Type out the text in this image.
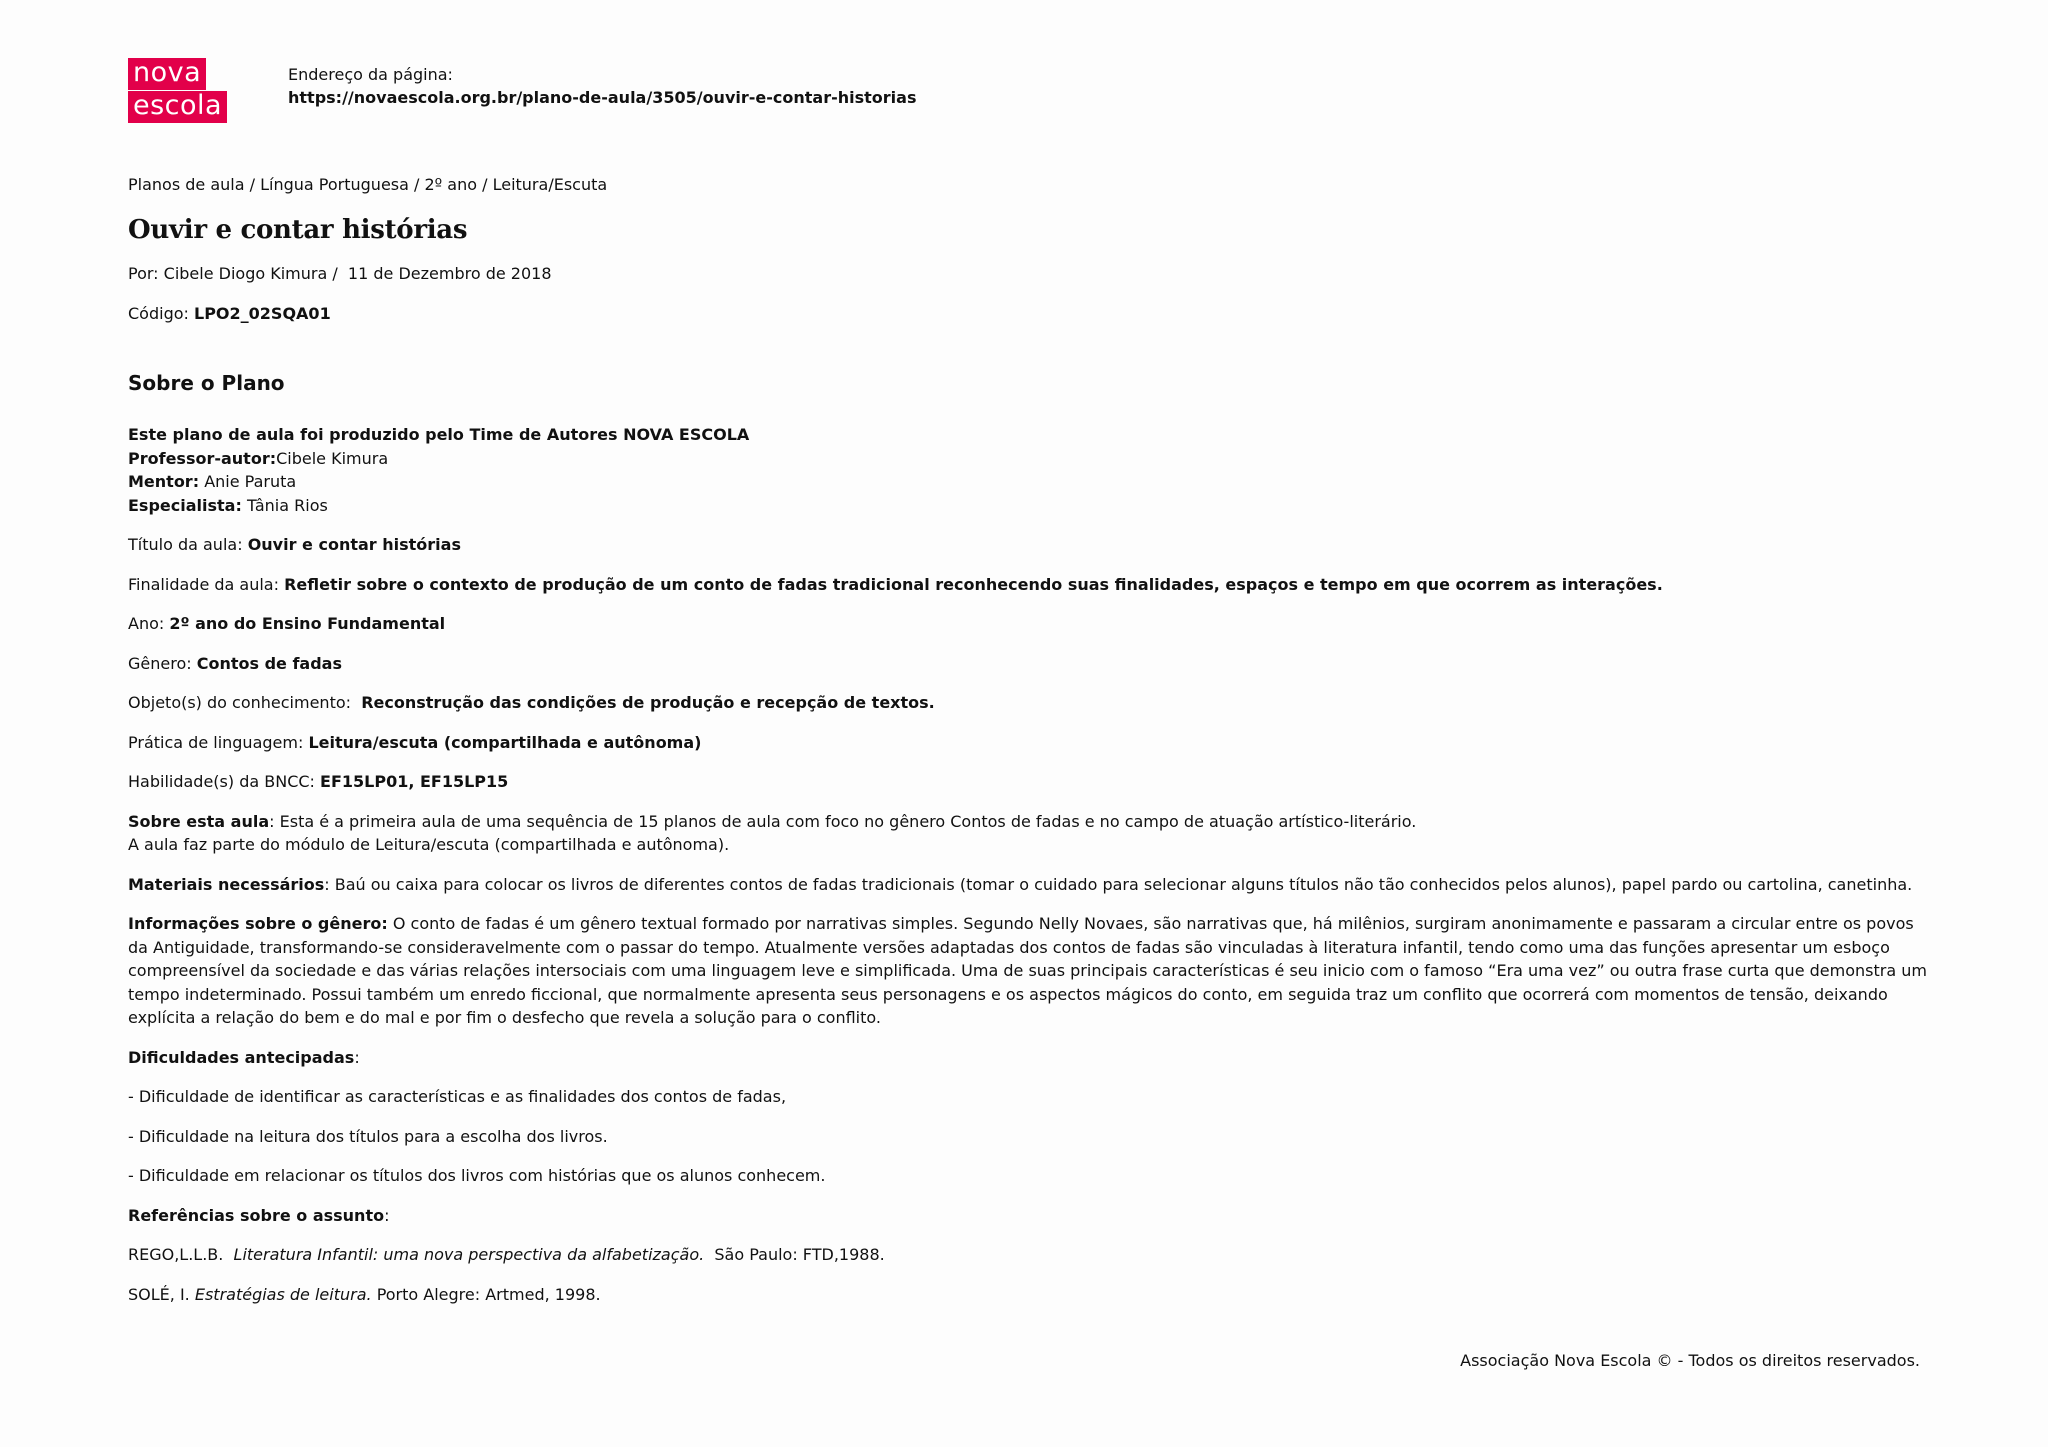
nova
escola
Endereço da página:
https://novaescola.org.br/plano-de-aula/3505/ouvir-e-contar-historias
Planos de aula / Língua Portuguesa / 2º ano / Leitura/Escuta
Ouvir e contar histórias
Por: Cibele Diogo Kimura / 11 de Dezembro de 2018
Código: LPO2_02SQA01
Sobre o Plano

Este plano de aula foi produzido pelo Time de Autores NOVA ESCOLA

Professor-autor:Cibele Kimura

Mentor: Anie Paruta

Especialista: Tânia Rios

Título da aula: Ouvir e contar histórias

Finalidade da aula: Refletir sobre o contexto de produção de um conto de fadas tradicional reconhecendo suas finalidades, espaços e tempo em que ocorrem as interações.

Ano: 2º ano do Ensino Fundamental

Gênero: Contos de fadas

Objeto(s) do conhecimento: Reconstrução das condições de produção e recepção de textos.

Prática de linguagem: Leitura/escuta (compartilhada e autônoma)

Habilidade(s) da BNCC: EF15LP01, EF15LP15

Sobre esta aula: Esta é a primeira aula de uma sequência de 15 planos de aula com foco no gênero Contos de fadas e no campo de atuação artístico-literário.

A aula faz parte do módulo de Leitura/escuta (compartilhada e autônoma).

Materiais necessários: Baú ou caixa para colocar os livros de diferentes contos de fadas tradicionais (tomar o cuidado para selecionar alguns títulos não tão conhecidos pelos alunos), papel pardo ou cartolina, canetinha.

Informações sobre o gênero: O conto de fadas é um gênero textual formado por narrativas simples. Segundo Nelly Novaes, são narrativas que, há milênios, surgiram anonimamente e passaram a circular entre os povos da Antiguidade, transformando-se consideravelmente com o passar do tempo. Atualmente versões adaptadas dos contos de fadas são vinculadas à literatura infantil, tendo como uma das funções apresentar um esboço compreensível da sociedade e das várias relações intersociais com uma linguagem leve e simplificada. Uma de suas principais características é seu inicio com o famoso “Era uma vez” ou outra frase curta que demonstra um tempo indeterminado. Possui também um enredo ficcional, que normalmente apresenta seus personagens e os aspectos mágicos do conto, em seguida traz um conflito que ocorrerá com momentos de tensão, deixando explícita a relação do bem e do mal e por fim o desfecho que revela a solução para o conflito.

Dificuldades antecipadas:

- Dificuldade de identificar as características e as finalidades dos contos de fadas,

- Dificuldade na leitura dos títulos para a escolha dos livros.

- Dificuldade em relacionar os títulos dos livros com histórias que os alunos conhecem.

Referências sobre o assunto:

REGO,L.L.B. Literatura Infantil: uma nova perspectiva da alfabetização. São Paulo: FTD,1988.

SOLÉ, I. Estratégias de leitura. Porto Alegre: Artmed, 1998.

Associação Nova Escola © - Todos os direitos reservados.
